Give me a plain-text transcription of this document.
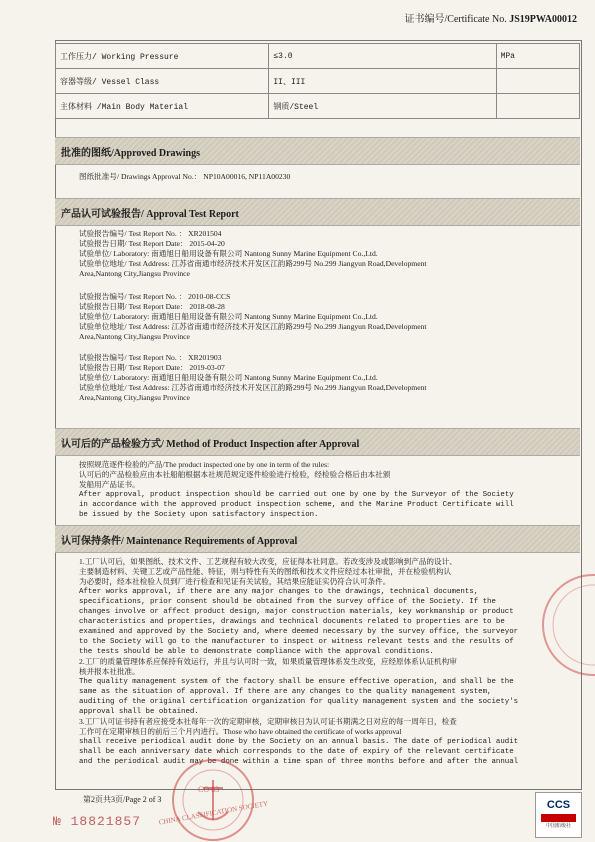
证书编号/Certificate No. JS19PWA00012
工作压力/ Working Pressure	≤3.0	MPa
容器等级/ Vessel Class	II、III	
主体材料 /Main Body Material	钢质/Steel	
批准的图纸/Approved Drawings
图纸批准号/ Drawings Approval No.： NP10A00016, NP11A00230
产品认可试验报告/ Approval Test Report
试验报告编号/ Test Report No. ： XR201504
试验报告日期/ Test Report Date： 2015-04-20
试验单位/ Laboratory: 南通旭日船用设备有限公司 Nantong Sunny Marine Equipment Co.,Ltd.
试验单位地址/ Test Address: 江苏省南通市经济技术开发区江韵路299号 No.299 Jiangyun Road,Development
Area,Nantong City,Jiangsu Province
试验报告编号/ Test Report No. ： 2010-08-CCS
试验报告日期/ Test Report Date： 2018-08-28
试验单位/ Laboratory: 南通旭日船用设备有限公司 Nantong Sunny Marine Equipment Co.,Ltd.
试验单位地址/ Test Address: 江苏省南通市经济技术开发区江韵路299号 No.299 Jiangyun Road,Development
Area,Nantong City,Jiangsu Province
试验报告编号/ Test Report No. ： XR201903
试验报告日期/ Test Report Date： 2019-03-07
试验单位/ Laboratory: 南通旭日船用设备有限公司 Nantong Sunny Marine Equipment Co.,Ltd.
试验单位地址/ Test Address: 江苏省南通市经济技术开发区江韵路299号 No.299 Jiangyun Road,Development
Area,Nantong City,Jiangsu Province
认可后的产品检验方式/ Method of Product Inspection after Approval
按照规范逐件检验的产品/The product inspected one by one in term of the rules:
认可后的产品检验应由本社船舶根据本社规范规定逐件检验进行检验，经检验合格后由本社颁
发船用产品证书。
After approval, product inspection should be carried out one by one by the Surveyor of the Society
in accordance with the approved product inspection scheme, and the Marine Product Certificate will
be issued by the Society upon satisfactory inspection.
认可保持条件/ Maintenance Requirements of Approval
1.工厂认可后，如果图纸、技术文件、工艺规程有较大改变，应征得本社同意。若改变涉及或影响到产品的设计、
主要制造材料、关键工艺或产品性能、特征，则与特性有关的图纸和技术文件应经过本社审批，并在检验机构认
为必要时，经本社检验人员到厂进行检查和见证有关试验，其结果应能证实仍符合认可条件。
After works approval, if there are any major changes to the drawings, technical documents,
specifications, prior consent should be obtained from the survey office of the Society. If the
changes involve or affect product design, major construction materials, key workmanship or product
characteristics and properties, drawings and technical documents related to properties are to be
examined and approved by the Society and, where deemed necessary by the survey office, the surveyor
to the Society will go to the manufacturer to inspect or witness relevant tests and the results of
the tests should be able to demonstrate compliance with the approval conditions.
2.工厂的质量管理体系应保持有效运行，并且与认可时一致，如果质量管理体系发生改变，应经原体系认证机构审
核并报本社批准。
The quality management system of the factory shall be ensure effective operation, and shall be the
same as the situation of approval. If there are any changes to the quality management system,
auditing of the original certification organization for quality management system and the society's
approval shall be obtained.
3.工厂认可证书持有者应接受本社每年一次的定期审核，定期审核日为认可证书期满之日对应的每一周年日，检查
工作可在定期审核日的前后三个月内进行。Those who have obtained the certificate of works approval
shall receive periodical audit done by the Society on an annual basis. The date of periodical audit
shall be each anniversary date which corresponds to the date of expiry of the relevant certificate
and the periodical audit may be done within a time span of three months before and after the annual
CHINA CLASSIFICATION SOCIETY
CO 63
第2页共3页/Page 2 of 3
№ 18821857
CCS
中国船级社
